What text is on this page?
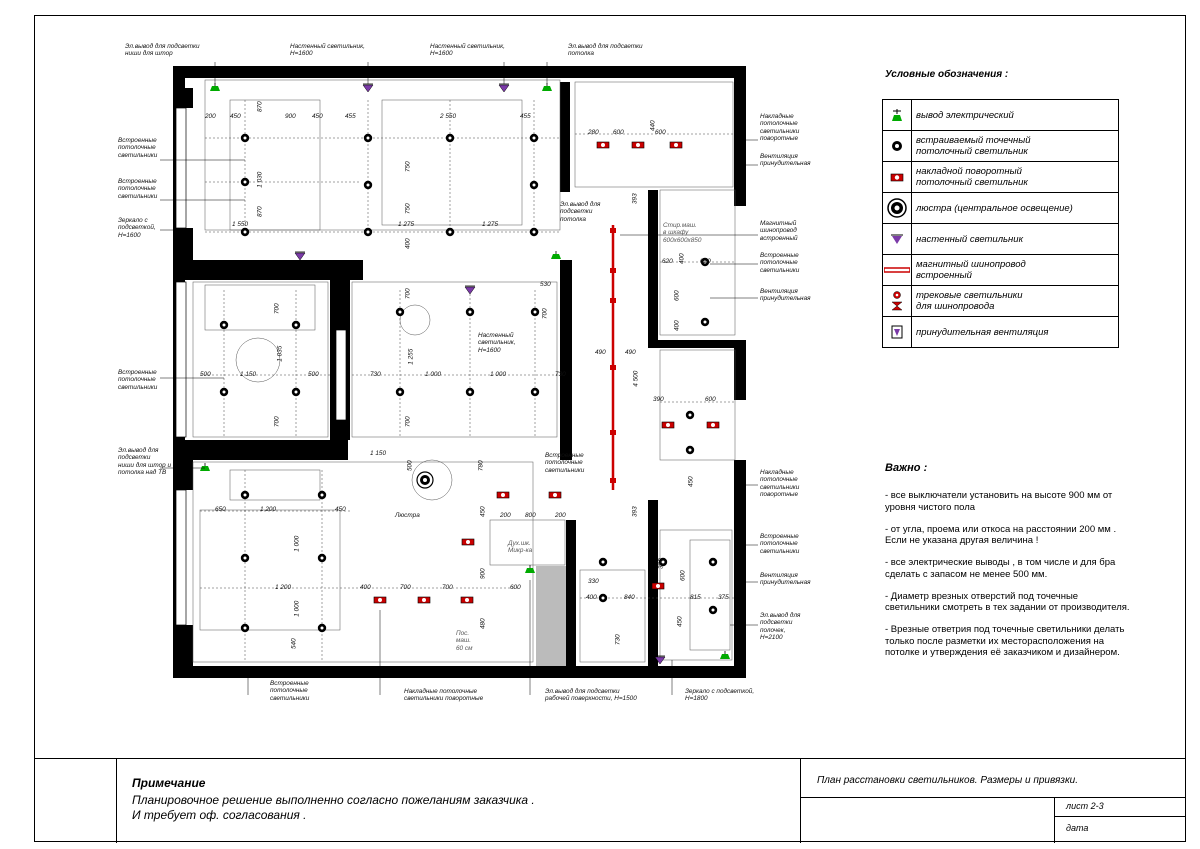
Эл.вывод для подсветки
ниши для штор
Настенный светильник,
Н=1600
Настенный светильник,
Н=1600
Эл.вывод для подсветки
потолка
Встроенные
потолочные
светильники
Встроенные
потолочные
светильники
Зеркало с
подсветкой,
Н=1600
Встроенные
потолочные
светильники
Эл.вывод для
подсветки
ниши для штор и
потолка над ТВ
Накладные
потолочные
светильники
поворотные
Вентиляция
принудительная
Магнитный
шинопровод
встроенный
Встроенные
потолочные
светильники
Вентиляция
принудительная
Накладные
потолочные
светильники
поворотные
Встроенные
потолочные
светильники
Вентиляция
принудительная
Эл.вывод для
подсветки
полочек,
Н=2100
Эл.вывод для
подсветки
потолка
Настенный
светильник,
Н=1600
Встроенные
потолочные
светильники
Люстра
Встроенные
потолочные
светильники
Накладные потолочные
светильники поворотные
Эл.вывод для подсветки
рабочей поверхности, Н=1500
Зеркало с подсветкой,
Н=1800
200 450
870
900	450	455	2 550	455
440
1 030
870
750
750
1 550	1 275	1 275
400
700
700
1 035
700
530
1 255
730	1 000	1 000
700
730
700
490	490
4 500
500	1 150	500
280 600	600
390	600
620	620
600
400
400
1 150
500	780
650	1 200
1 200
450
1 000
1 000
540
200 800	200
450
900
400	700	700	600
480
330
400	840	815	375
450
730
393
393
450
390
600
Стир.маш.
в шкафу
600х600х850
Дух.шк.
Микр-ка
Пос.
маш.
60 см
Условные обозначения :
	вывод электрический

	встраиваемый точечный
потолочный светильник

	накладной поворотный
потолочный светильник

	люстра (центральное освещение)

	настенный светильник

	магнитный шинопровод
встроенный

	трековые светильники
для шинопровода

	принудительная вентиляция
Важно :
- все выключатели установить на высоте 900 мм от уровня чистого пола
- от угла, проема или откоса на расстоянии 200 мм . Если не указана другая величина !
- все электрические выводы , в том числе и для бра сделать с запасом не менее 500 мм.
- Диаметр врезных отверстий под точечные светильники смотреть в тех задании от производителя.
- Врезные ответрия под точечные светильники делать только после разметки их месторасположения на потолке и утверждения её заказчиком и дизайнером.
Примечание
Планировочное решение выполненно согласно пожеланиям заказчика .
И требует оф. согласования .
План расстановки светильников. Размеры и привязки.
лист 2-3
дата
